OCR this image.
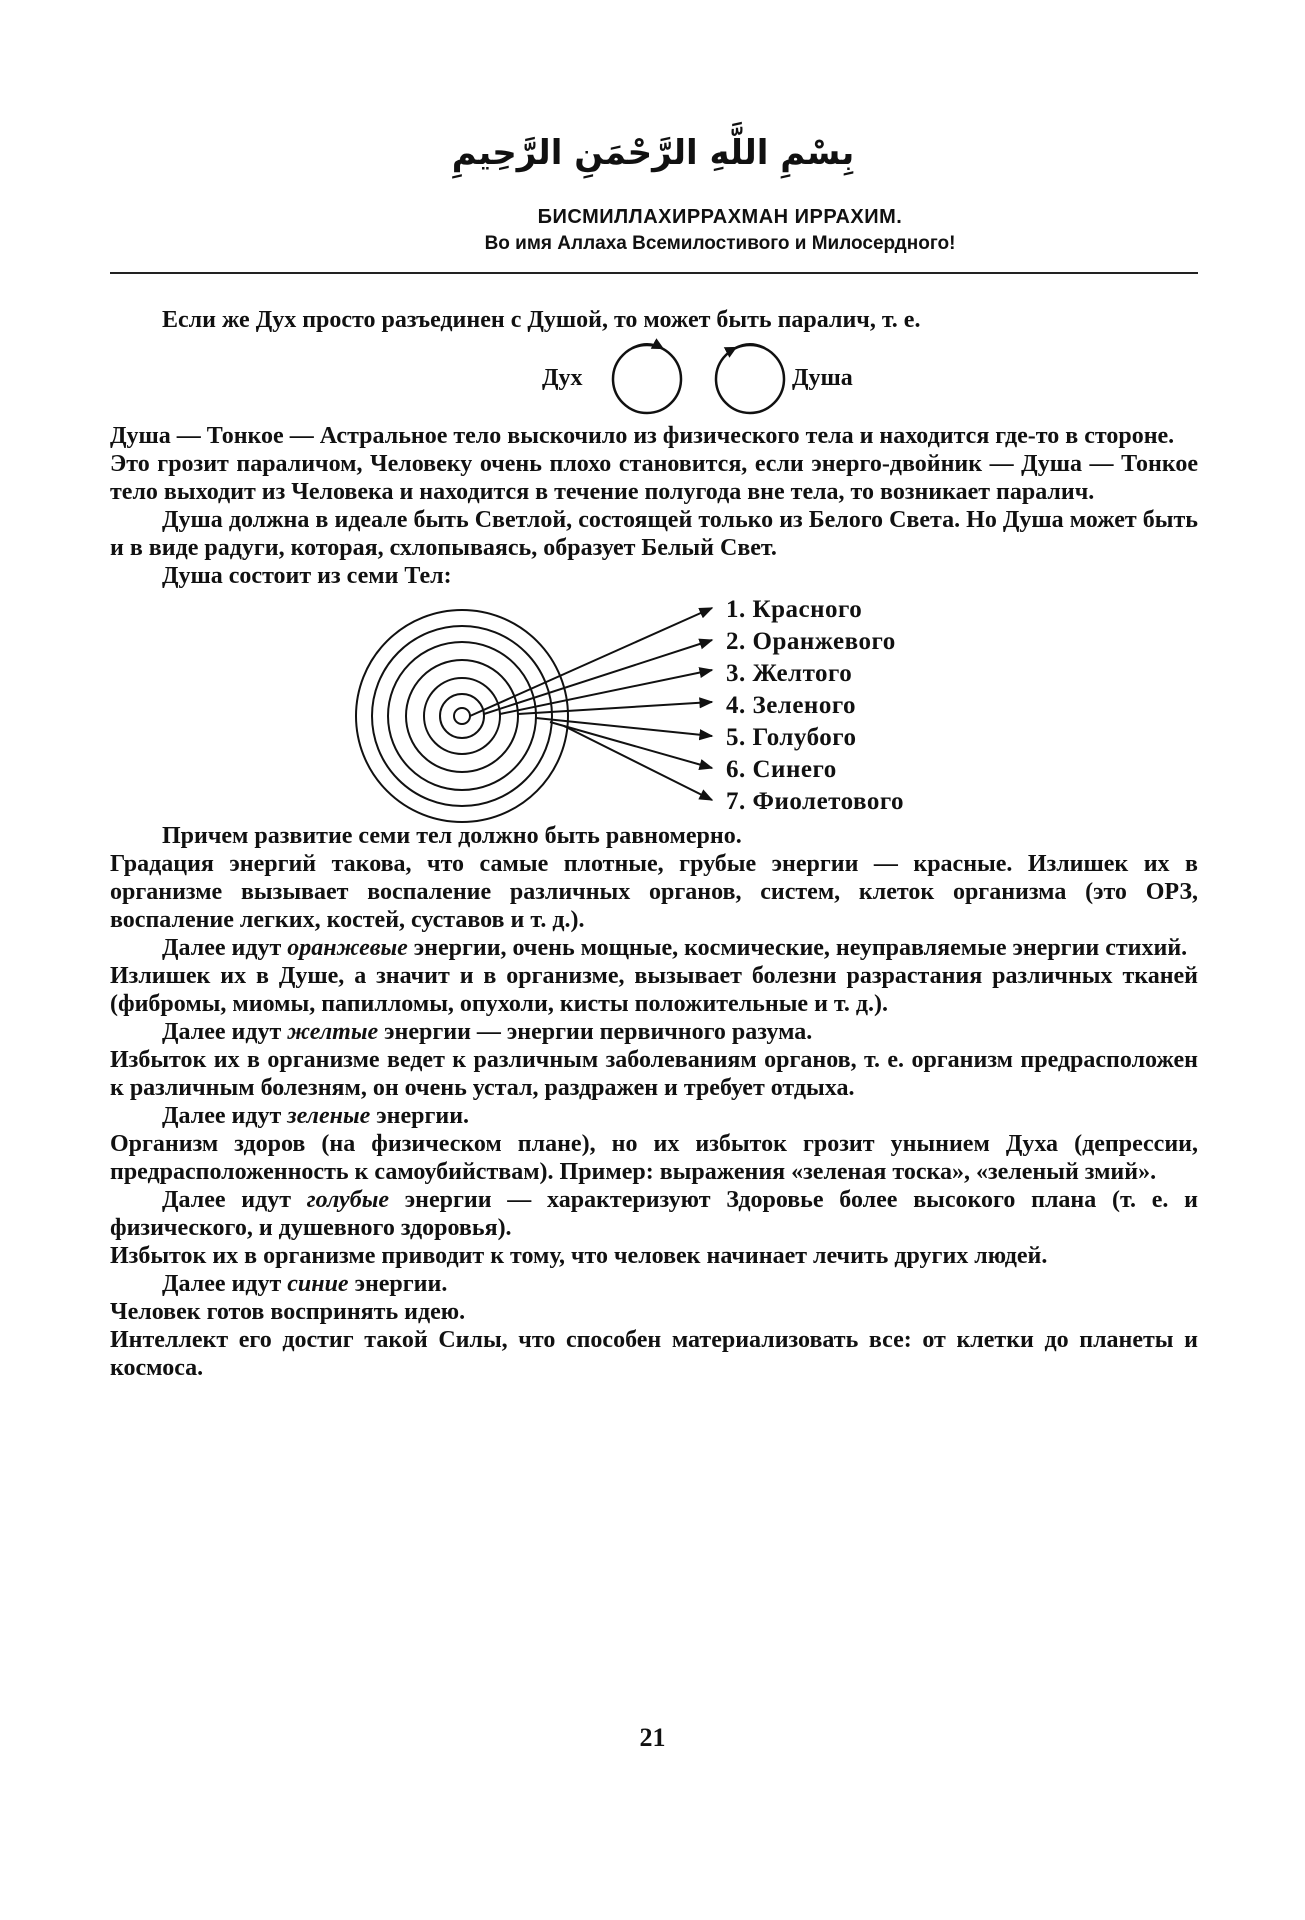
بِسْمِ اللَّهِ الرَّحْمَنِ الرَّحِيمِ
БИСМИЛЛАХИРРАХМАН ИРРАХИМ.
Во имя Аллаха Всемилостивого и Милосердного!

Если же Дух просто разъединен с Душой, то может быть паралич, т. е.

Дух	Душа

Душа — Тонкое — Астральное тело выскочило из физического тела и находится где-то в стороне.

Это грозит параличом, Человеку очень плохо становится, если энерго-двойник — Душа — Тонкое тело выходит из Человека и находится в течение полугода вне тела, то возникает паралич.

Душа должна в идеале быть Светлой, состоящей только из Белого Света. Но Душа может быть и в виде радуги, которая, схлопываясь, образует Белый Свет.

Душа состоит из семи Тел:

1. Красного
2. Оранжевого
3. Желтого
4. Зеленого
5. Голубого
6. Синего
7. Фиолетового

Причем развитие семи тел должно быть равномерно.

Градация энергий такова, что самые плотные, грубые энергии — красные. Излишек их в организме вызывает воспаление различных органов, систем, клеток организма (это ОРЗ, воспаление легких, костей, суставов и т. д.).

Далее идут оранжевые энергии, очень мощные, космические, неуправляемые энергии стихий.

Излишек их в Душе, а значит и в организме, вызывает болезни разрастания различных тканей (фибромы, миомы, папилломы, опухоли, кисты положительные и т. д.).

Далее идут желтые энергии — энергии первичного разума.

Избыток их в организме ведет к различным заболеваниям органов, т. е. организм предрасположен к различным болезням, он очень устал, раздражен и требует отдыха.

Далее идут зеленые энергии.

Организм здоров (на физическом плане), но их избыток грозит унынием Духа (депрессии, предрасположенность к самоубийствам). Пример: выражения «зеленая тоска», «зеленый змий».

Далее идут голубые энергии — характеризуют Здоровье более высокого плана (т. е. и физического, и душевного здоровья).

Избыток их в организме приводит к тому, что человек начинает лечить других людей.

Далее идут синие энергии.

Человек готов воспринять идею.

Интеллект его достиг такой Силы, что способен материализовать все: от клетки до планеты и космоса.

21
